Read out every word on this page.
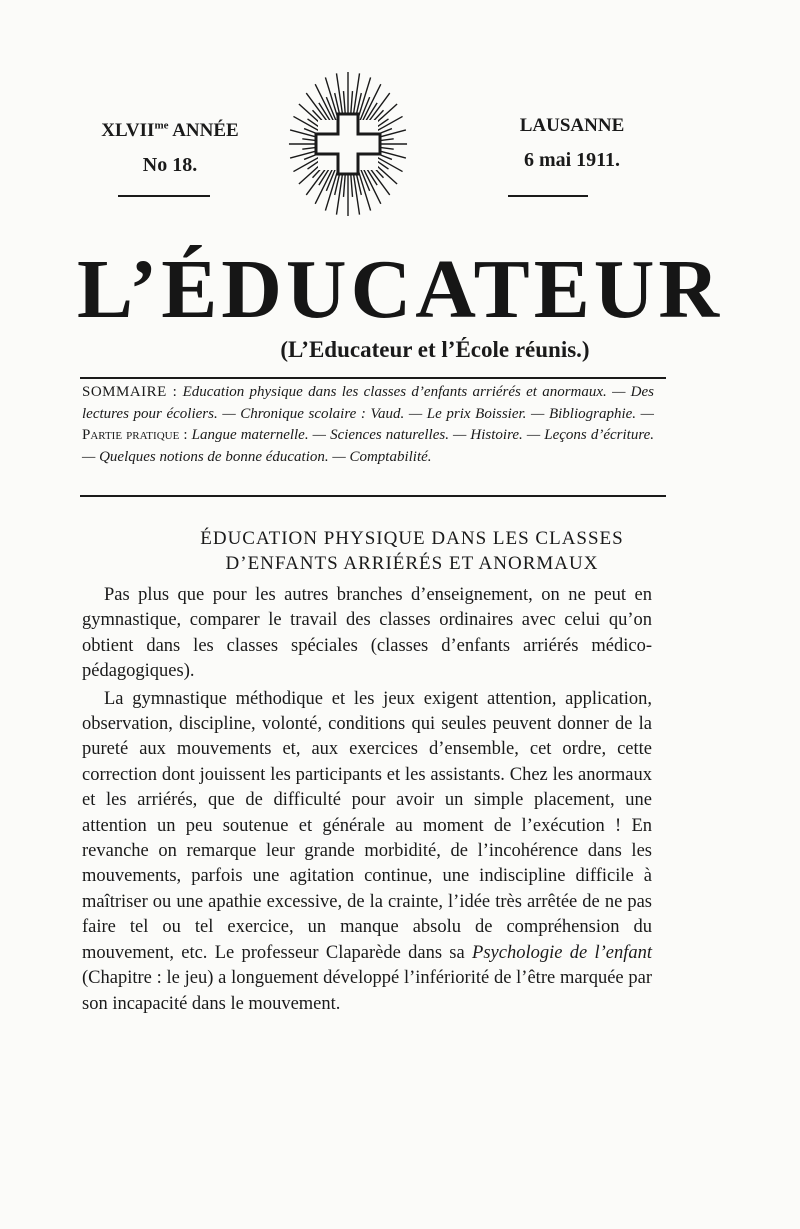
$XLVII^{me}$ ANNÉE
No 18.
LAUSANNE
6 mai 1911.
L’ÉDUCATEUR
(L’Educateur et l’École réunis.)
SOMMAIRE : Education physique dans les classes d’enfants arriérés et anormaux. — Des lectures pour écoliers. — Chronique scolaire : Vaud. — Le prix Boissier. — Bibliographie. — Partie pratique : Langue maternelle. — Sciences naturelles. — Histoire. — Leçons d’écriture. — Quelques notions de bonne éducation. — Comptabilité.
ÉDUCATION PHYSIQUE DANS LES CLASSES
D’ENFANTS ARRIÉRÉS ET ANORMAUX

Pas plus que pour les autres branches d’enseignement, on ne peut en gymnastique, comparer le travail des classes ordinaires avec celui qu’on obtient dans les classes spéciales (classes d’enfants arriérés médico-pédagogiques).

La gymnastique méthodique et les jeux exigent attention, application, observation, discipline, volonté, conditions qui seules peuvent donner de la pureté aux mouvements et, aux exercices d’ensemble, cet ordre, cette correction dont jouissent les participants et les assistants. Chez les anormaux et les arriérés, que de difficulté pour avoir un simple placement, une attention un peu soutenue et générale au moment de l’exécution ! En revanche on remarque leur grande morbidité, de l’incohérence dans les mouvements, parfois une agitation continue, une indiscipline difficile à maîtriser ou une apathie excessive, de la crainte, l’idée très arrêtée de ne pas faire tel ou tel exercice, un manque absolu de compréhension du mouvement, etc. Le professeur Claparède dans sa Psychologie de l’enfant (Chapitre : le jeu) a longuement développé l’infériorité de l’être marquée par son incapacité dans le mouvement.
